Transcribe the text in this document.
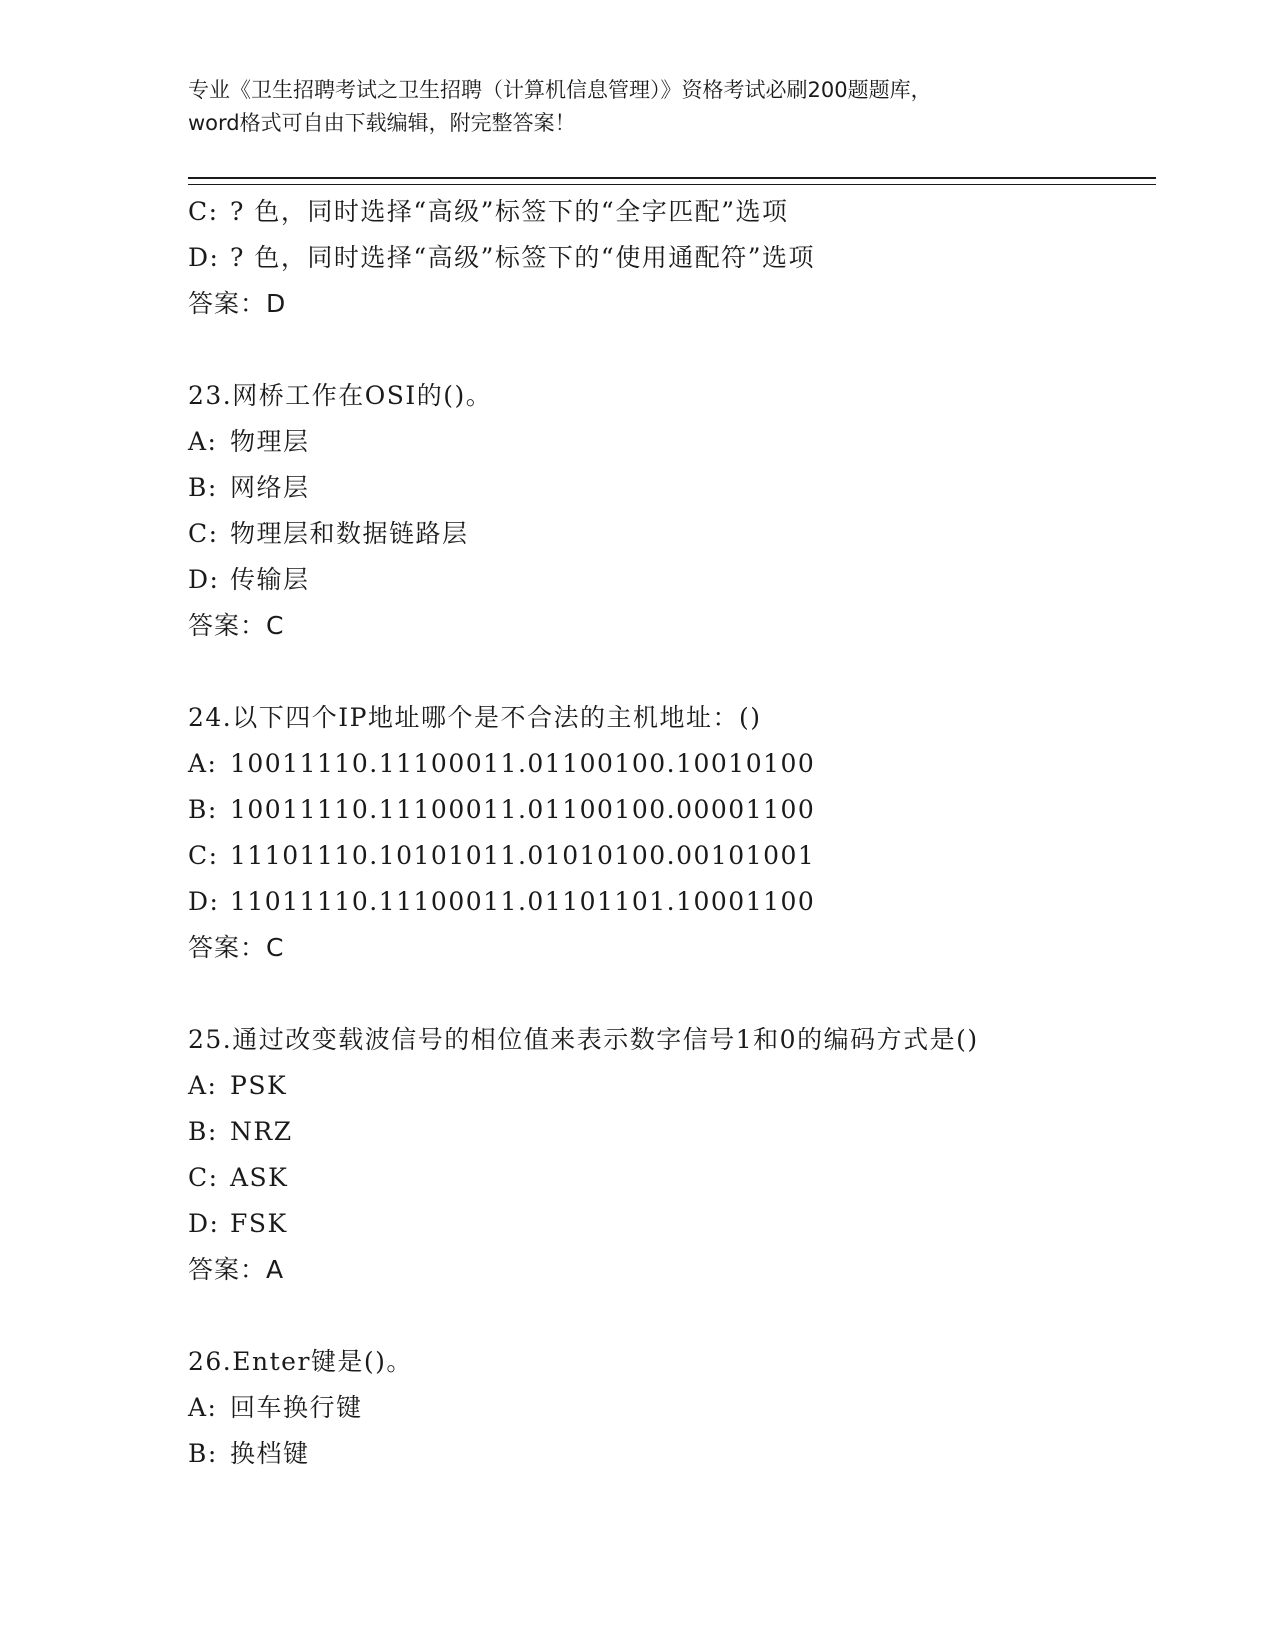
专业《卫生招聘考试之卫生招聘（计算机信息管理）》资格考试必刷200题题库，
word格式可自由下载编辑，附完整答案！
C: ? 色，同时选择“高级”标签下的“全字匹配”选项
D: ? 色，同时选择“高级”标签下的“使用通配符”选项
答案：D
23.网桥工作在OSI的()。
A: 物理层
B: 网络层
C: 物理层和数据链路层
D: 传输层
答案：C
24.以下四个IP地址哪个是不合法的主机地址：()
A: 10011110.11100011.01100100.10010100
B: 10011110.11100011.01100100.00001100
C: 11101110.10101011.01010100.00101001
D: 11011110.11100011.01101101.10001100
答案：C
25.通过改变载波信号的相位值来表示数字信号1和0的编码方式是()
A: PSK
B: NRZ
C: ASK
D: FSK
答案：A
26.Enter键是()。
A: 回车换行键
B: 换档键
